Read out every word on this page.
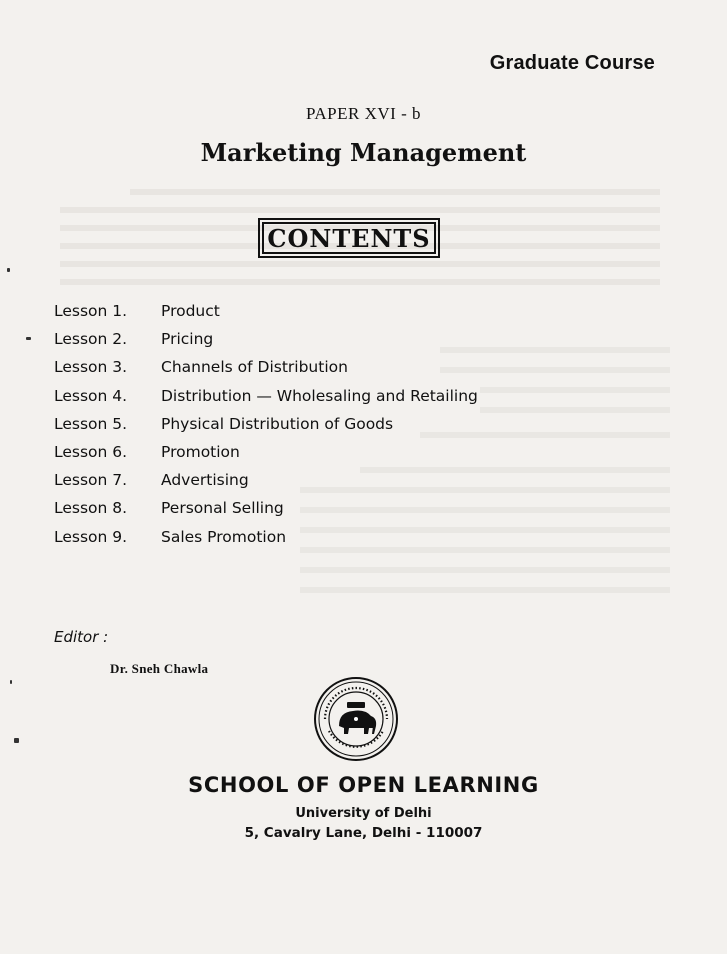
Graduate Course
PAPER XVI - b
Marketing Management
CONTENTS
Lesson 1.	Product
Lesson 2.	Pricing
Lesson 3.	Channels of Distribution
Lesson 4.	Distribution — Wholesaling and Retailing
Lesson 5.	Physical Distribution of Goods
Lesson 6.	Promotion
Lesson 7.	Advertising
Lesson 8.	Personal Selling
Lesson 9.	Sales Promotion
Editor :
Dr. Sneh Chawla
SCHOOL OF OPEN LEARNING
University of Delhi
5, Cavalry Lane, Delhi - 110007
